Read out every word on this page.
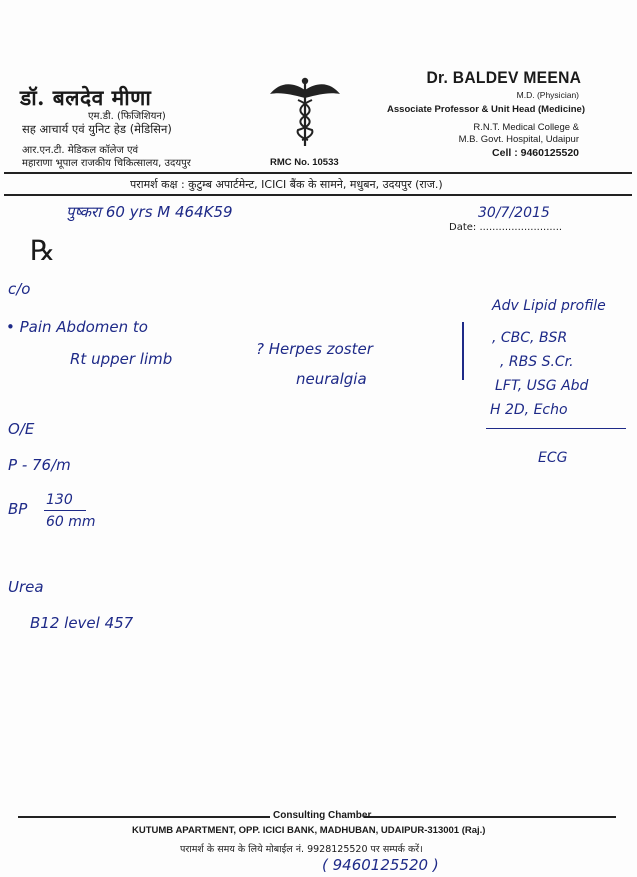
डॉ. बलदेव मीणा
एम.डी. (फिजिशियन)
सह आचार्य एवं युनिट हेड (मेडिसिन)
आर.एन.टी. मेडिकल कॉलेज एवं
महाराणा भूपाल राजकीय चिकित्सालय, उदयपुर	RMC No. 10533
Dr. BALDEV MEENA
M.D. (Physician)
Associate Professor & Unit Head (Medicine)
R.N.T. Medical College &
M.B. Govt. Hospital, Udaipur
Cell : 9460125520
परामर्श कक्ष : कुटुम्ब अपार्टमेन्ट, ICICI बैंक के सामने, मधुबन, उदयपुर (राज.)
पुष्करा 60 yrs M 464K59	30/7/2015
Date: ..........................
℞
c/o
• Pain Abdomen to
Rt upper limb
? Herpes zoster
neuralgia
Adv Lipid profile
, CBC, BSR
, RBS S.Cr.
LFT, USG Abd
H 2D, Echo
ECG
O/E
P - 76/m
BP 130
60 mm
Urea
B12 level 457
Consulting Chamber
KUTUMB APARTMENT, OPP. ICICI BANK, MADHUBAN, UDAIPUR-313001 (Raj.)
परामर्श के समय के लिये मोबाईल नं. 9928125520 पर सम्पर्क करें।
( 9460125520 )
